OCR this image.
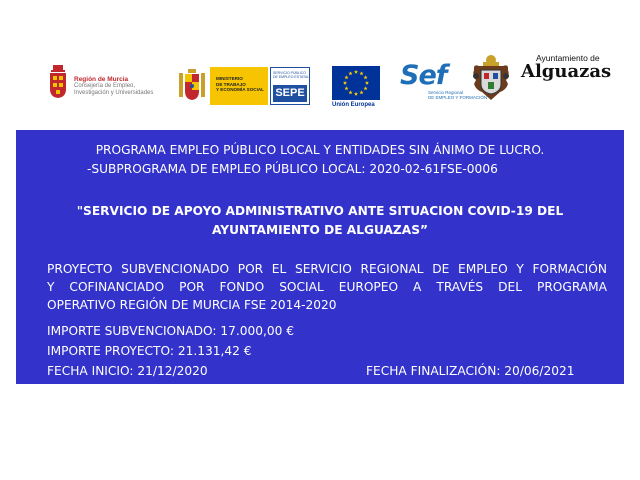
Región de Murcia
Consejería de Empleo,
Investigación y Universidades
MINISTERIO
DE TRABAJO
Y ECONOMÍA SOCIAL
SERVICIO PÚBLICO
DE EMPLEO ESTATAL
SEPE
Unión Europea
Sef
Servicio Regional
DE EMPLEO Y FORMACIÓN
Ayuntamiento de
Alguazas
PROGRAMA EMPLEO PÚBLICO LOCAL Y ENTIDADES SIN ÁNIMO DE LUCRO.
-SUBPROGRAMA DE EMPLEO PÚBLICO LOCAL: 2020-02-61FSE-0006
"SERVICIO DE APOYO ADMINISTRATIVO ANTE SITUACION COVID-19 DEL
AYUNTAMIENTO DE ALGUAZAS”
PROYECTO SUBVENCIONADO POR EL SERVICIO REGIONAL DE EMPLEO Y FORMACIÓN
Y COFINANCIADO POR FONDO SOCIAL EUROPEO A TRAVÉS DEL PROGRAMA
OPERATIVO REGIÓN DE MURCIA FSE 2014-2020
IMPORTE SUBVENCIONADO: 17.000,00 €
IMPORTE PROYECTO: 21.131,42 €
FECHA INICIO: 21/12/2020	FECHA FINALIZACIÓN: 20/06/2021
